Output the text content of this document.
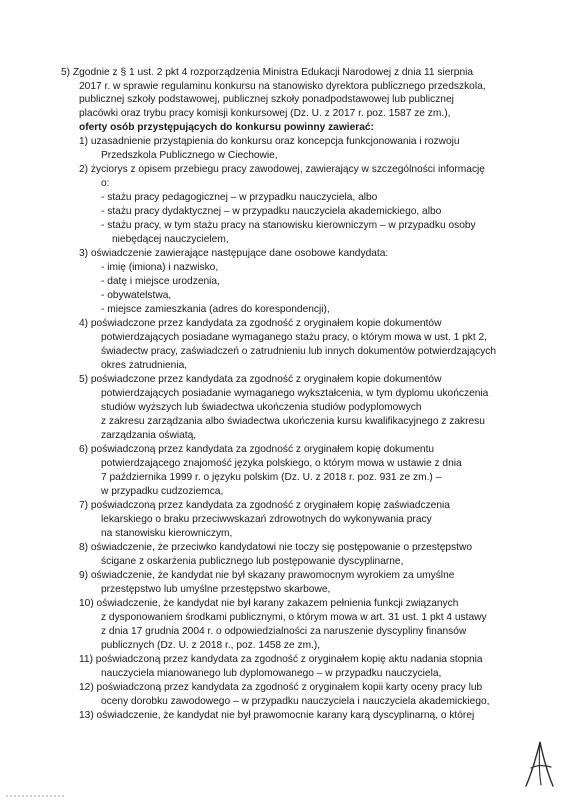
5) Zgodnie z § 1 ust. 2 pkt 4 rozporządzenia Ministra Edukacji Narodowej z dnia 11 sierpnia
2017 r. w sprawie regulaminu konkursu na stanowisko dyrektora publicznego przedszkola,
publicznej szkoły podstawowej, publicznej szkoły ponadpodstawowej lub publicznej
placówki oraz trybu pracy komisji konkursowej (Dz. U. z 2017 r. poz. 1587 ze zm.),
oferty osób przystępujących do konkursu powinny zawierać:
1) uzasadnienie przystąpienia do konkursu oraz koncepcja funkcjonowania i rozwoju
Przedszkola Publicznego w Ciechowie,
2) życiorys z opisem przebiegu pracy zawodowej, zawierający w szczególności informację
o:
- stażu pracy pedagogicznej – w przypadku nauczyciela, albo
- stażu pracy dydaktycznej – w przypadku nauczyciela akademickiego, albo
- stażu pracy, w tym stażu pracy na stanowisku kierowniczym – w przypadku osoby
niebędącej nauczycielem,
3) oświadczenie zawierające następujące dane osobowe kandydata:
- imię (imiona) i nazwisko,
- datę i miejsce urodzenia,
- obywatelstwa,
- miejsce zamieszkania (adres do korespondencji),
4) poświadczone przez kandydata za zgodność z oryginałem kopie dokumentów
potwierdzających posiadane wymaganego stażu pracy, o którym mowa w ust. 1 pkt 2,
świadectw pracy, zaświadczeń o zatrudnieniu lub innych dokumentów potwierdzających
okres zatrudnienia,
5) poświadczone przez kandydata za zgodność z oryginałem kopie dokumentów
potwierdzających posiadanie wymaganego wykształcenia, w tym dyplomu ukończenia
studiów wyższych lub świadectwa ukończenia studiów podyplomowych
z zakresu zarządzania albo świadectwa ukończenia kursu kwalifikacyjnego z zakresu
zarządzania oświatą,
6) poświadczoną przez kandydata za zgodność z oryginałem kopię dokumentu
potwierdzającego znajomość języka polskiego, o którym mowa w ustawie z dnia
7 października 1999 r. o języku polskim (Dz. U. z 2018 r. poz. 931 ze zm.) –
w przypadku cudzoziemca,
7) poświadczoną przez kandydata za zgodność z oryginałem kopię zaświadczenia
lekarskiego o braku przeciwwskazań zdrowotnych do wykonywania pracy
na stanowisku kierowniczym,
8) oświadczenie, że przeciwko kandydatowi nie toczy się postępowanie o przestępstwo
ścigane z oskarżenia publicznego lub postępowanie dyscyplinarne,
9) oświadczenie, że kandydat nie był skazany prawomocnym wyrokiem za umyślne
przestępstwo lub umyślne przestępstwo skarbowe,
10) oświadczenie, że kandydat nie był karany zakazem pełnienia funkcji związanych
z dysponowaniem środkami publicznymi, o którym mowa w art. 31 ust. 1 pkt 4 ustawy
z dnia 17 grudnia 2004 r. o odpowiedzialności za naruszenie dyscypliny finansów
publicznych (Dz. U. z 2018 r., poz. 1458 ze zm.),
11) poświadczoną przez kandydata za zgodność z oryginałem kopię aktu nadania stopnia
nauczyciela mianowanego lub dyplomowanego – w przypadku nauczyciela,
12) poświadczoną przez kandydata za zgodność z oryginałem kopii karty oceny pracy lub
oceny dorobku zawodowego – w przypadku nauczyciela i nauczyciela akademickiego,
13) oświadczenie, że kandydat nie był prawomocnie karany karą dyscyplinarną, o której
